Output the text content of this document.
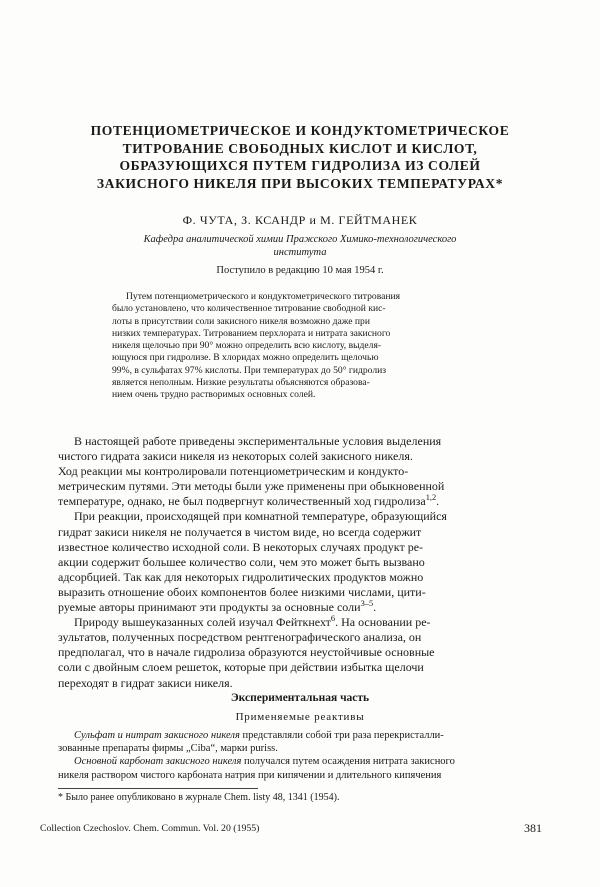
ПОТЕНЦИОМЕТРИЧЕСКОЕ И КОНДУКТОМЕТРИЧЕСКОЕ
ТИТРОВАНИЕ СВОБОДНЫХ КИСЛОТ И КИСЛОТ,
ОБРАЗУЮЩИХСЯ ПУТЕМ ГИДРОЛИЗА ИЗ СОЛЕЙ
ЗАКИСНОГО НИКЕЛЯ ПРИ ВЫСОКИХ ТЕМПЕРАТУРАХ*
Ф. ЧУТА, З. КСАНДР и М. ГЕЙТМАНЕК
Кафедра аналитической химии Пражского Химико-технологического
института
Поступило в редакцию 10 мая 1954 г.
Путем потенциометрического и кондуктометрического титрования
было установлено, что количественное титрование свободной кис-
лоты в присутствии соли закисного никеля возможно даже при
низких температурах. Титрованием перхлората и нитрата закисного
никеля щелочью при 90° можно определить всю кислоту, выделя-
ющуюся при гидролизе. В хлоридах можно определить щелочью
99%, в сульфатах 97% кислоты. При температурах до 50° гидролиз
является неполным. Низкие результаты объясняются образова-
нием очень трудно растворимых основных солей.
В настоящей работе приведены экспериментальные условия выделения
чистого гидрата закиси никеля из некоторых солей закисного никеля.
Ход реакции мы контролировали потенциометрическим и кондукто-
метрическим путями. Эти методы были уже применены при обыкновенной
температуре, однако, не был подвергнут количественный ход гидролиза$^{1,2}$.
При реакции, происходящей при комнатной температуре, образующийся
гидрат закиси никеля не получается в чистом виде, но всегда содержит
известное количество исходной соли. В некоторых случаях продукт ре-
акции содержит большее количество соли, чем это может быть вызвано
адсорбцией. Так как для некоторых гидролитических продуктов можно
выразить отношение обоих компонентов более низкими числами, цити-
руемые авторы принимают эти продукты за основные соли$^{3-5}$.
Природу вышеуказанных солей изучал Фейткнехт$^6$. На основании ре-
зультатов, полученных посредством рентгенографического анализа, он
предполагал, что в начале гидролиза образуются неустойчивые основные
соли с двойным слоем решеток, которые при действии избытка щелочи
переходят в гидрат закиси никеля.
Экспериментальная часть
Применяемые реактивы
Сульфат и нитрат закисного никеля представляли собой три раза перекристалли-
зованные препараты фирмы „Ciba“, марки puriss.
Основной карбонат закисного никеля получался путем осаждения нитрата закисного
никеля раствором чистого карбоната натрия при кипячении и длительного кипячения
* Было ранее опубликовано в журнале Chem. listy 48, 1341 (1954).
Collection Czechoslov. Chem. Commun. Vol. 20 (1955)	381
